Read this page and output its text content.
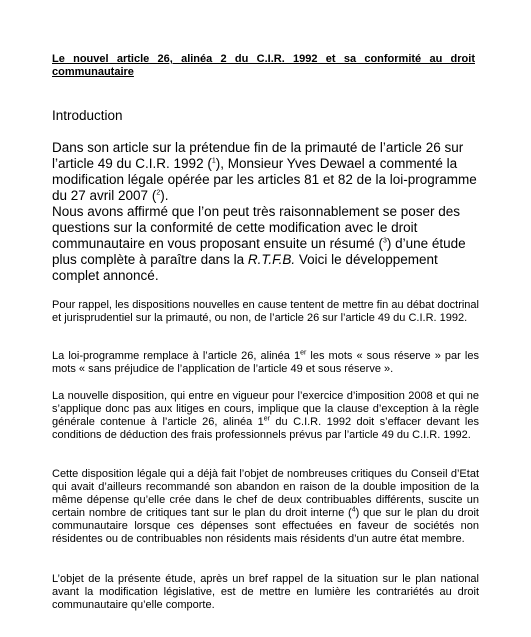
Le nouvel article 26, alinéa 2 du C.I.R. 1992 et sa conformité au droit communautaire
Introduction

Dans son article sur la prétendue fin de la primauté de l’article 26 sur l’article 49 du C.I.R. 1992 ($^1$), Monsieur Yves Dewael a commenté la modification légale opérée par les articles 81 et 82 de la loi-programme du 27 avril 2007 ($^2$).

Nous avons affirmé que l’on peut très raisonnablement se poser des questions sur la conformité de cette modification avec le droit communautaire en vous proposant ensuite un résumé ($^3$) d’une étude plus complète à paraître dans la R.T.F.B. Voici le développement complet annoncé.

Pour rappel, les dispositions nouvelles en cause tentent de mettre fin au débat doctrinal et jurisprudentiel sur la primauté, ou non, de l’article 26 sur l’article 49 du C.I.R. 1992.

La loi-programme remplace à l’article 26, alinéa 1er les mots « sous réserve » par les mots « sans préjudice de l’application de l’article 49 et sous réserve ».

La nouvelle disposition, qui entre en vigueur pour l’exercice d’imposition 2008 et qui ne s’applique donc pas aux litiges en cours, implique que la clause d’exception à la règle générale contenue à l’article 26, alinéa 1er du C.I.R. 1992 doit s’effacer devant les conditions de déduction des frais professionnels prévus par l’article 49 du C.I.R. 1992.

Cette disposition légale qui a déjà fait l’objet de nombreuses critiques du Conseil d’Etat qui avait d’ailleurs recommandé son abandon en raison de la double imposition de la même dépense qu’elle crée dans le chef de deux contribuables différents, suscite un certain nombre de critiques tant sur le plan du droit interne ($^4$) que sur le plan du droit communautaire lorsque ces dépenses sont effectuées en faveur de sociétés non résidentes ou de contribuables non résidents mais résidents d’un autre état membre.

L’objet de la présente étude, après un bref rappel de la situation sur le plan national avant la modification législative, est de mettre en lumière les contrariétés au droit communautaire qu’elle comporte.
